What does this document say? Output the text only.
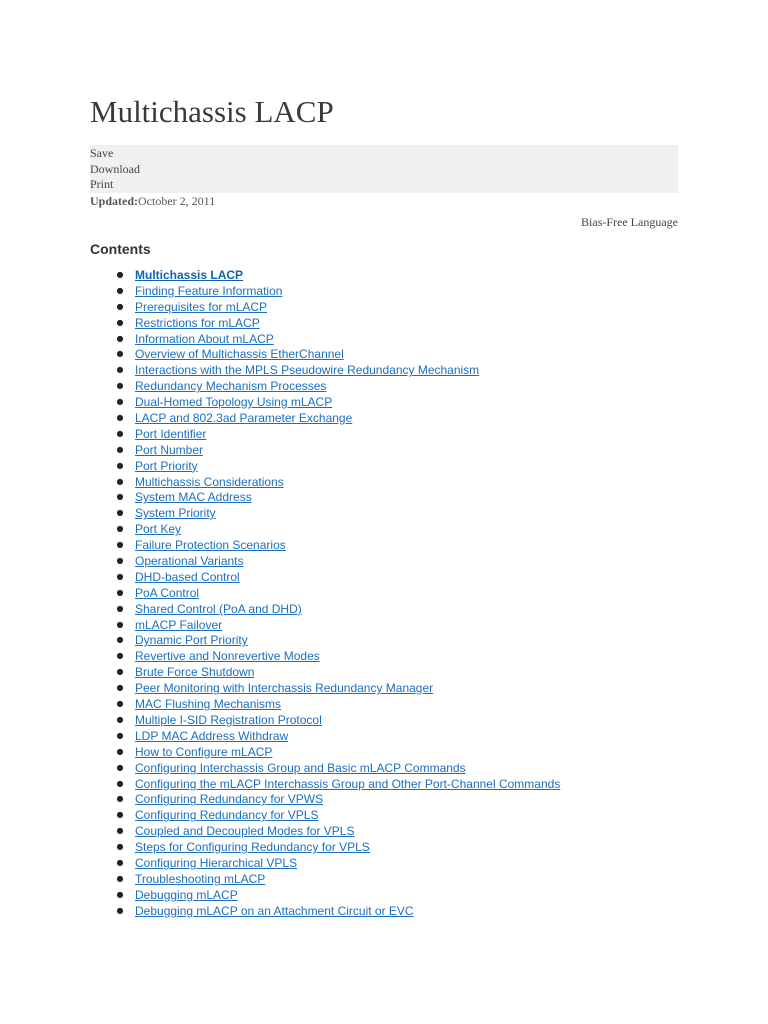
Multichassis LACP
Save
Download
Print
Updated:October 2, 2011
Bias-Free Language
Contents
● Multichassis LACP
● Finding Feature Information
● Prerequisites for mLACP
● Restrictions for mLACP
● Information About mLACP
● Overview of Multichassis EtherChannel
● Interactions with the MPLS Pseudowire Redundancy Mechanism
● Redundancy Mechanism Processes
● Dual-Homed Topology Using mLACP
● LACP and 802.3ad Parameter Exchange
● Port Identifier
● Port Number
● Port Priority
● Multichassis Considerations
● System MAC Address
● System Priority
● Port Key
● Failure Protection Scenarios
● Operational Variants
● DHD-based Control
● PoA Control
● Shared Control (PoA and DHD)
● mLACP Failover
● Dynamic Port Priority
● Revertive and Nonrevertive Modes
● Brute Force Shutdown
● Peer Monitoring with Interchassis Redundancy Manager
● MAC Flushing Mechanisms
● Multiple I-SID Registration Protocol
● LDP MAC Address Withdraw
● How to Configure mLACP
● Configuring Interchassis Group and Basic mLACP Commands
● Configuring the mLACP Interchassis Group and Other Port-Channel Commands
● Configuring Redundancy for VPWS
● Configuring Redundancy for VPLS
● Coupled and Decoupled Modes for VPLS
● Steps for Configuring Redundancy for VPLS
● Configuring Hierarchical VPLS
● Troubleshooting mLACP
● Debugging mLACP
● Debugging mLACP on an Attachment Circuit or EVC
